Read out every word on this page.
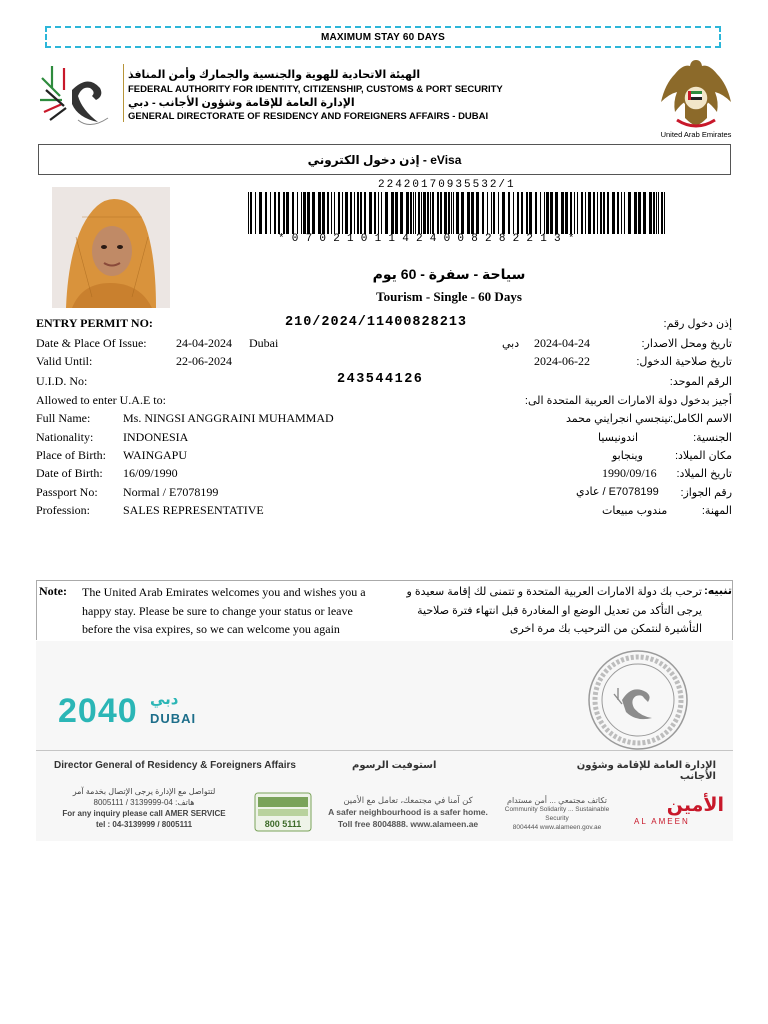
MAXIMUM STAY 60 DAYS
الهيئة الاتحادية للهوية والجنسية والجمارك وأمن المنافذ
FEDERAL AUTHORITY FOR IDENTITY, CITIZENSHIP, CUSTOMS & PORT SECURITY
الإدارة العامة للإقامة وشؤون الأجانب - دبي
GENERAL DIRECTORATE OF RESIDENCY AND FOREIGNERS AFFAIRS - DUBAI
United Arab Emirates
إذن دخول الكتروني - eVisa
22420170935532/1
*07021011424008282213*
سياحة - سفرة - 60 يوم
Tourism - Single - 60 Days
ENTRY PERMIT NO:	210/2024/11400828213	إذن دخول رقم:
Date & Place Of Issue: 24-04-2024 Dubai	دبي 2024-04-24	تاريخ ومحل الاصدار:
Valid Until:	22-06-2024	2024-06-22	تاريخ صلاحية الدخول:
U.I.D. No:	243544126	الرقم الموحد:
Allowed to enter U.A.E to:	أجيز بدخول دولة الامارات العربية المتحدة الى:
Full Name:	Ms. NINGSI ANGGRAINI MUHAMMAD	نينجسي انجرايني محمد الاسم الكامل:
Nationality: INDONESIA	اندونيسيا	الجنسية:
Place of Birth: WAINGAPU	وينجابو	مكان الميلاد:
Date of Birth: 16/09/1990	1990/09/16 تاريخ الميلاد:
Passport No: Normal / E7078199	E7078199 / عادي رقم الجواز:
Profession:	SALES REPRESENTATIVE	مندوب مبيعات	المهنة:
Note: The United Arab Emirates welcomes you and wishes you a happy stay. Please be sure to change your status or leave before the visa expires, so we can welcome you again
ترحب بك دولة الامارات العربية المتحدة و تتمنى لك إقامة سعيدة و يرجى التأكد من تعديل الوضع او المغادرة قبل انتهاء فترة صلاحية التأشيرة لنتمكن من الترحيب بك مرة اخرى
تنبيه:
2040 دبي
DUBAI
Director General of Residency & Foreigners Affairs	استوفيت الرسوم	الإدارة العامة للإقامة وشؤون الأجانب
لتتواصل مع الإدارة يرجى الإتصال بخدمة آمر
هاتف: 04-3139999 / 8005111
For any inquiry please call AMER SERVICE
tel : 04-3139999 / 8005111	800 5111
كن آمنا في مجتمعك، تعامل مع الأمين
A safer neighbourhood is a safer home.
Toll free 8004888. www.alameen.ae
تكاتف مجتمعي ... أمن مستدام
Community Solidarity ... Sustainable Security
8004444 www.alameen.gov.ae
الأمين
AL AMEEN
